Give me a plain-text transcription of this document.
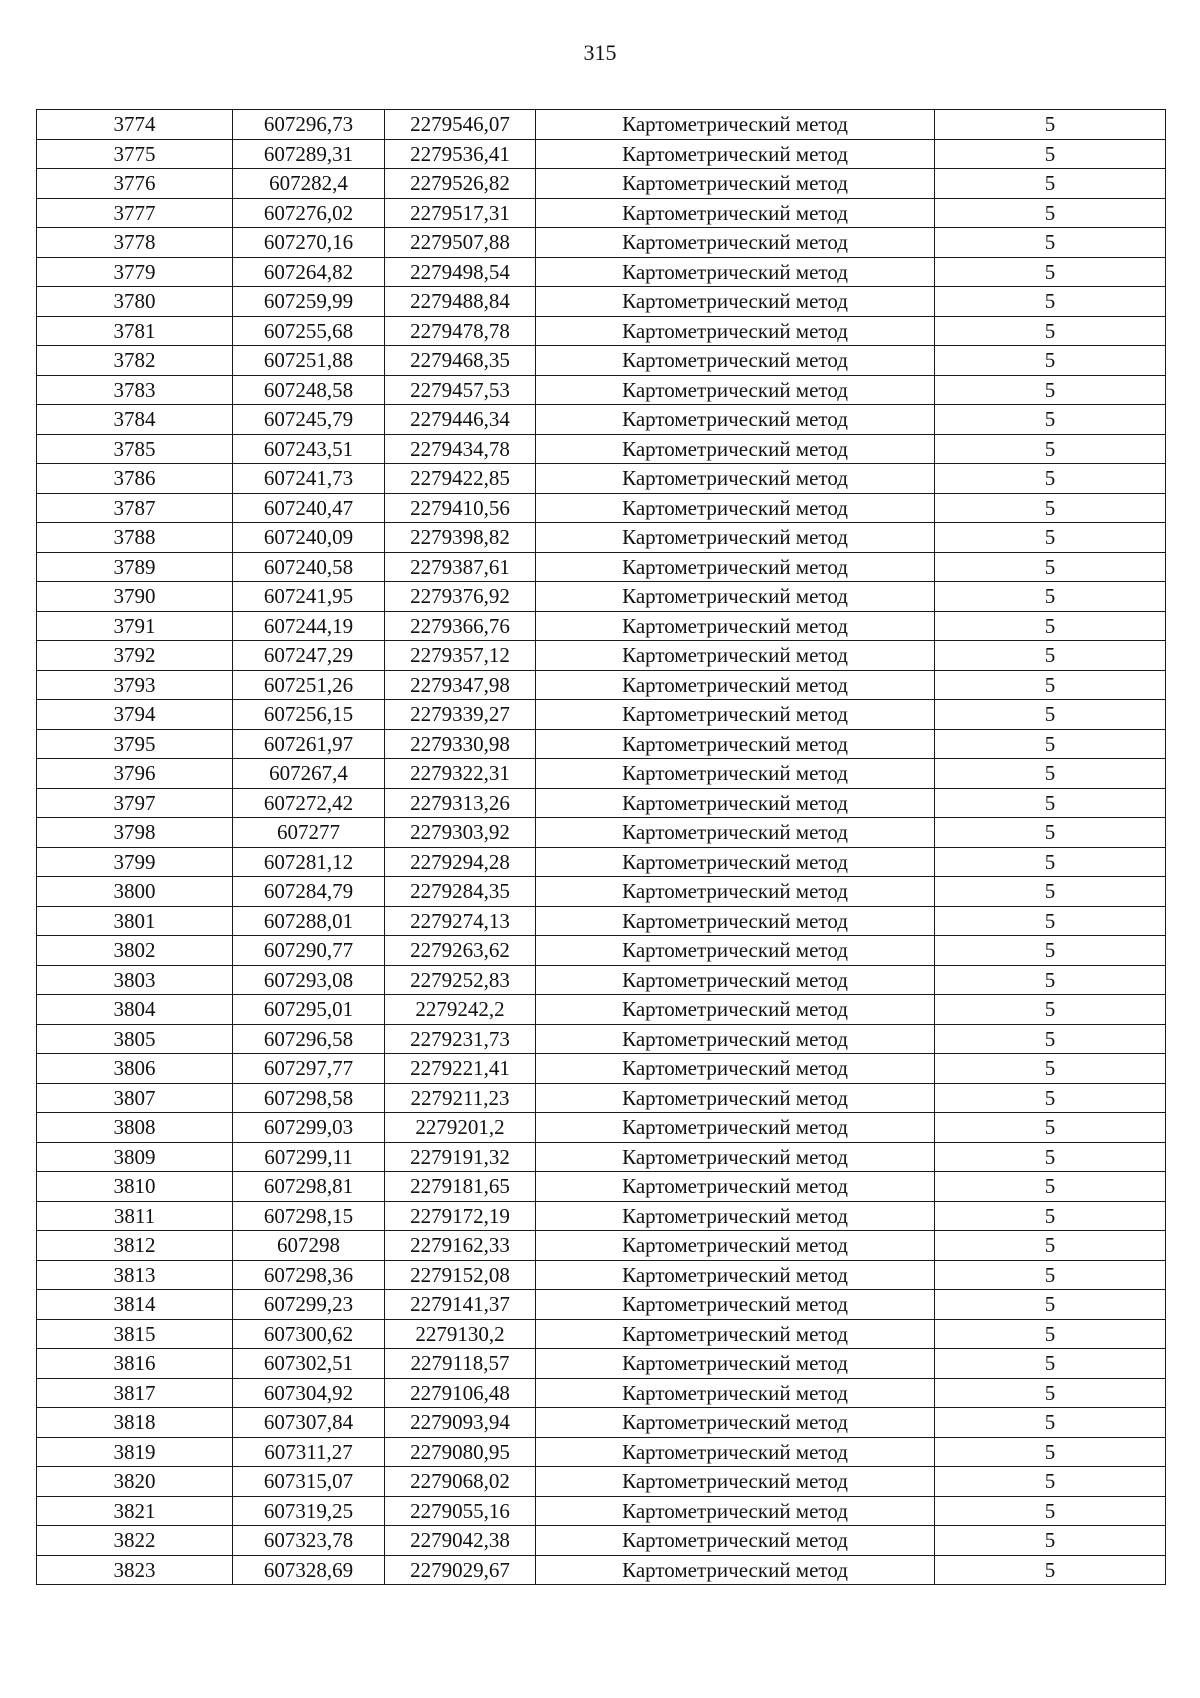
315
3774	607296,73	2279546,07	Картометрический метод	5
3775	607289,31	2279536,41	Картометрический метод	5
3776	607282,4	2279526,82	Картометрический метод	5
3777	607276,02	2279517,31	Картометрический метод	5
3778	607270,16	2279507,88	Картометрический метод	5
3779	607264,82	2279498,54	Картометрический метод	5
3780	607259,99	2279488,84	Картометрический метод	5
3781	607255,68	2279478,78	Картометрический метод	5
3782	607251,88	2279468,35	Картометрический метод	5
3783	607248,58	2279457,53	Картометрический метод	5
3784	607245,79	2279446,34	Картометрический метод	5
3785	607243,51	2279434,78	Картометрический метод	5
3786	607241,73	2279422,85	Картометрический метод	5
3787	607240,47	2279410,56	Картометрический метод	5
3788	607240,09	2279398,82	Картометрический метод	5
3789	607240,58	2279387,61	Картометрический метод	5
3790	607241,95	2279376,92	Картометрический метод	5
3791	607244,19	2279366,76	Картометрический метод	5
3792	607247,29	2279357,12	Картометрический метод	5
3793	607251,26	2279347,98	Картометрический метод	5
3794	607256,15	2279339,27	Картометрический метод	5
3795	607261,97	2279330,98	Картометрический метод	5
3796	607267,4	2279322,31	Картометрический метод	5
3797	607272,42	2279313,26	Картометрический метод	5
3798	607277	2279303,92	Картометрический метод	5
3799	607281,12	2279294,28	Картометрический метод	5
3800	607284,79	2279284,35	Картометрический метод	5
3801	607288,01	2279274,13	Картометрический метод	5
3802	607290,77	2279263,62	Картометрический метод	5
3803	607293,08	2279252,83	Картометрический метод	5
3804	607295,01	2279242,2	Картометрический метод	5
3805	607296,58	2279231,73	Картометрический метод	5
3806	607297,77	2279221,41	Картометрический метод	5
3807	607298,58	2279211,23	Картометрический метод	5
3808	607299,03	2279201,2	Картометрический метод	5
3809	607299,11	2279191,32	Картометрический метод	5
3810	607298,81	2279181,65	Картометрический метод	5
3811	607298,15	2279172,19	Картометрический метод	5
3812	607298	2279162,33	Картометрический метод	5
3813	607298,36	2279152,08	Картометрический метод	5
3814	607299,23	2279141,37	Картометрический метод	5
3815	607300,62	2279130,2	Картометрический метод	5
3816	607302,51	2279118,57	Картометрический метод	5
3817	607304,92	2279106,48	Картометрический метод	5
3818	607307,84	2279093,94	Картометрический метод	5
3819	607311,27	2279080,95	Картометрический метод	5
3820	607315,07	2279068,02	Картометрический метод	5
3821	607319,25	2279055,16	Картометрический метод	5
3822	607323,78	2279042,38	Картометрический метод	5
3823	607328,69	2279029,67	Картометрический метод	5
